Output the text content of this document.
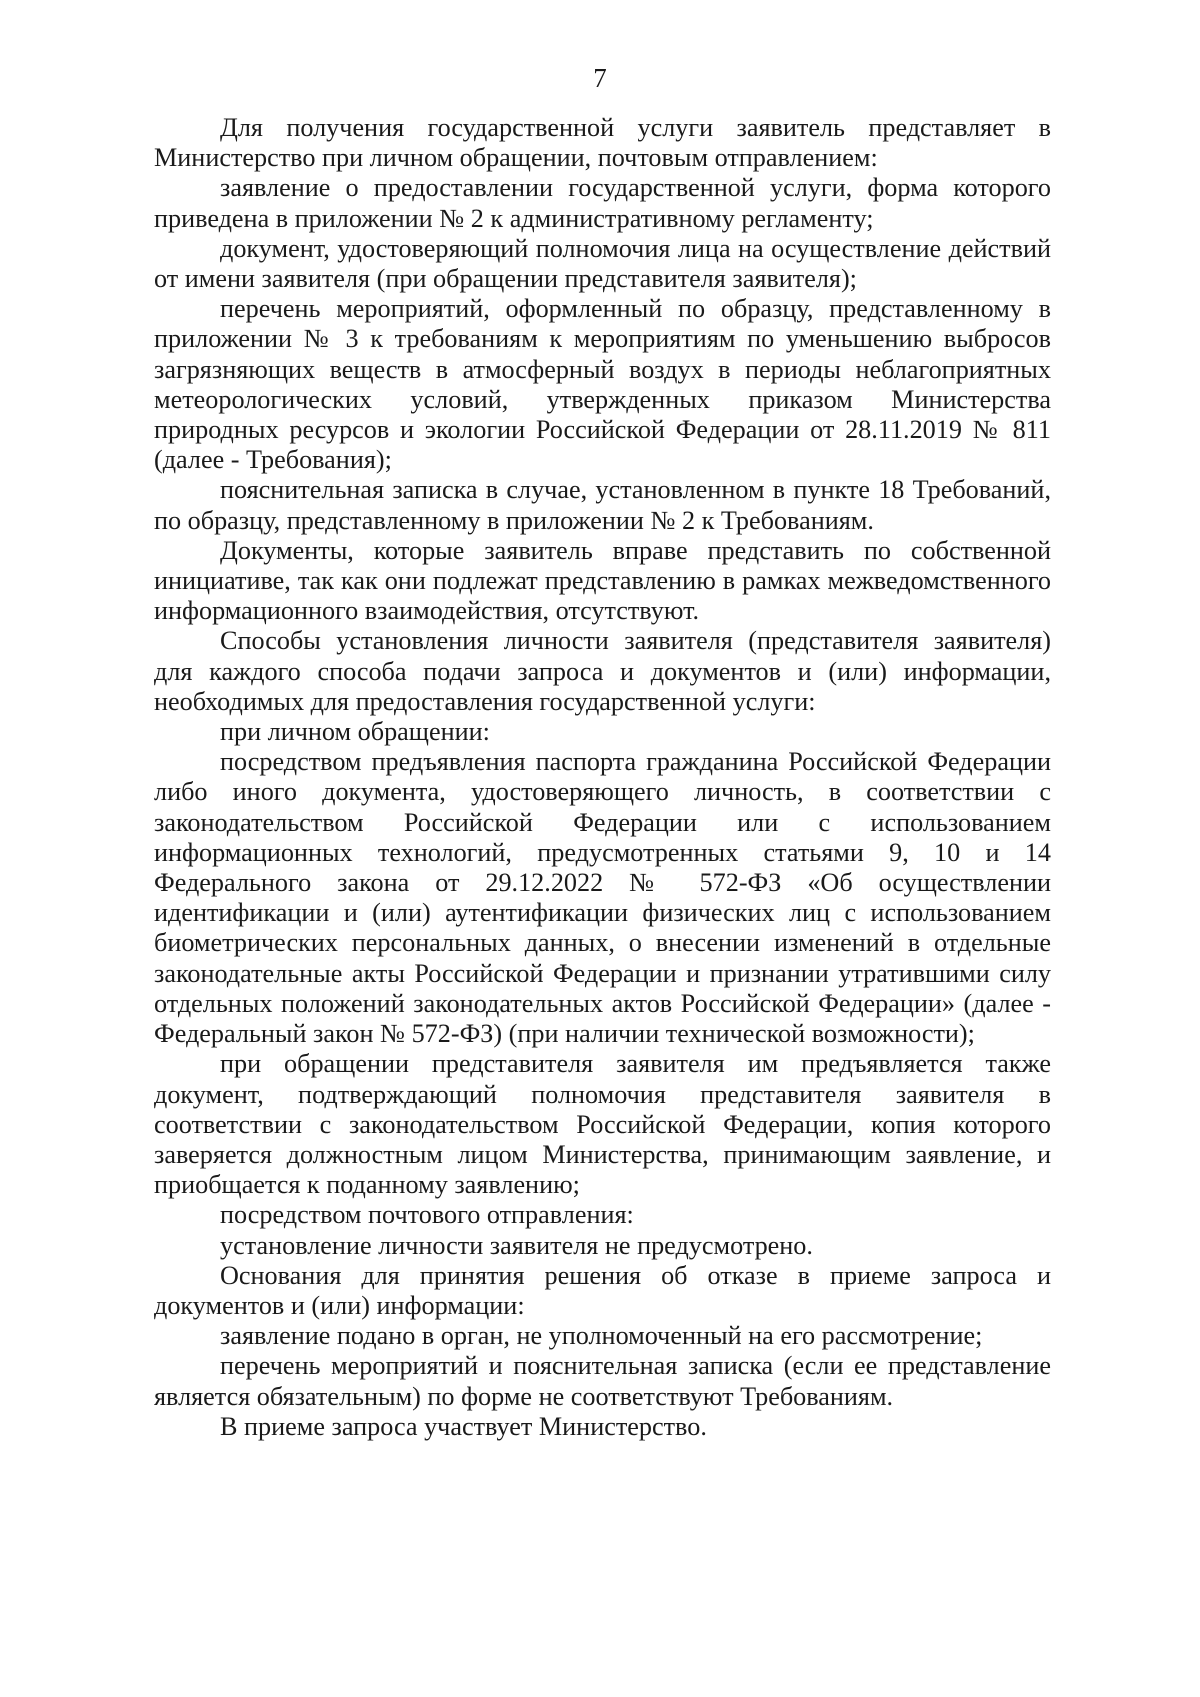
7

Для получения государственной услуги заявитель представляет в Министерство при личном обращении, почтовым отправлением:

заявление о предоставлении государственной услуги, форма которого приведена в приложении № 2 к административному регламенту;

документ, удостоверяющий полномочия лица на осуществление действий от имени заявителя (при обращении представителя заявителя);

перечень мероприятий, оформленный по образцу, представленному в приложении № 3 к требованиям к мероприятиям по уменьшению выбросов загрязняющих веществ в атмосферный воздух в периоды неблагоприятных метеорологических условий, утвержденных приказом Министерства природных ресурсов и экологии Российской Федерации от 28.11.2019 № 811 (далее - Требования);

пояснительная записка в случае, установленном в пункте 18 Требований, по образцу, представленному в приложении № 2 к Требованиям.

Документы, которые заявитель вправе представить по собственной инициативе, так как они подлежат представлению в рамках межведомственного информационного взаимодействия, отсутствуют.

Способы установления личности заявителя (представителя заявителя) для каждого способа подачи запроса и документов и (или) информации, необходимых для предоставления государственной услуги:

при личном обращении:

посредством предъявления паспорта гражданина Российской Федерации либо иного документа, удостоверяющего личность, в соответствии с законодательством Российской Федерации или с использованием информационных технологий, предусмотренных статьями 9, 10 и 14 Федерального закона от 29.12.2022 № 572-ФЗ «Об осуществлении идентификации и (или) аутентификации физических лиц с использованием биометрических персональных данных, о внесении изменений в отдельные законодательные акты Российской Федерации и признании утратившими силу отдельных положений законодательных актов Российской Федерации» (далее - Федеральный закон № 572-ФЗ) (при наличии технической возможности);

при обращении представителя заявителя им предъявляется также документ, подтверждающий полномочия представителя заявителя в соответствии с законодательством Российской Федерации, копия которого заверяется должностным лицом Министерства, принимающим заявление, и приобщается к поданному заявлению;

посредством почтового отправления:

установление личности заявителя не предусмотрено.

Основания для принятия решения об отказе в приеме запроса и документов и (или) информации:

заявление подано в орган, не уполномоченный на его рассмотрение;

перечень мероприятий и пояснительная записка (если ее представление является обязательным) по форме не соответствуют Требованиям.

В приеме запроса участвует Министерство.
